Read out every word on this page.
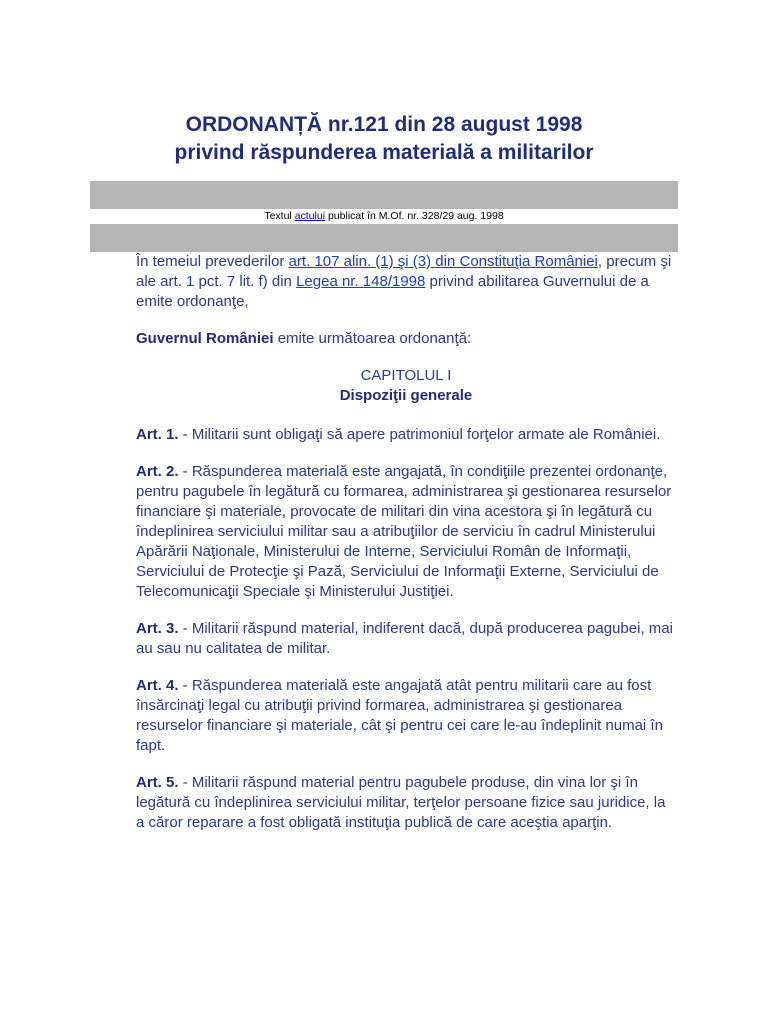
ORDONANȚĂ nr.121 din 28 august 1998
privind răspunderea materială a militarilor
Textul actului publicat în M.Of. nr. 328/29 aug. 1998

În temeiul prevederilor art. 107 alin. (1) şi (3) din Constituţia României, precum şi ale art. 1 pct. 7 lit. f) din Legea nr. 148/1998 privind abilitarea Guvernului de a emite ordonanţe,

Guvernul României emite următoarea ordonanţă:

CAPITOLUL I
Dispoziţii generale

Art. 1. - Militarii sunt obligaţi să apere patrimoniul forţelor armate ale României.

Art. 2. - Răspunderea materială este angajată, în condiţiile prezentei ordonanţe, pentru pagubele în legătură cu formarea, administrarea şi gestionarea resurselor financiare şi materiale, provocate de militari din vina acestora şi în legătură cu îndeplinirea serviciului militar sau a atribuţiilor de serviciu în cadrul Ministerului Apărării Naţionale, Ministerului de Interne, Serviciului Român de Informaţii, Serviciului de Protecţie şi Pază, Serviciului de Informaţii Externe, Serviciului de Telecomunicaţii Speciale şi Ministerului Justiţiei.

Art. 3. - Militarii răspund material, indiferent dacă, după producerea pagubei, mai au sau nu calitatea de militar.

Art. 4. - Răspunderea materială este angajată atât pentru militarii care au fost însărcinaţi legal cu atribuţii privind formarea, administrarea şi gestionarea resurselor financiare şi materiale, cât şi pentru cei care le-au îndeplinit numai în fapt.

Art. 5. - Militarii răspund material pentru pagubele produse, din vina lor şi în legătură cu îndeplinirea serviciului militar, terţelor persoane fizice sau juridice, la a căror reparare a fost obligată instituţia publică de care aceştia aparţin.
